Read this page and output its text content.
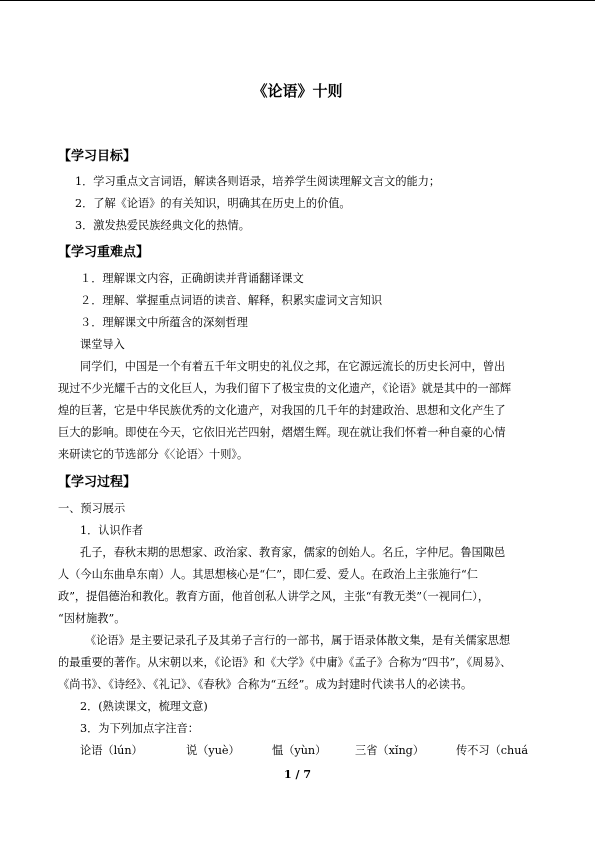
《论语》十则
【学习目标】
1．学习重点文言词语，解读各则语录，培养学生阅读理解文言文的能力；
2．了解《论语》的有关知识，明确其在历史上的价值。
3．激发热爱民族经典文化的热情。
【学习重难点】
１．理解课文内容，正确朗读并背诵翻译课文
２．理解、掌握重点词语的读音、解释，积累实虚词文言知识
３．理解课文中所蕴含的深刻哲理
课堂导入
同学们，中国是一个有着五千年文明史的礼仪之邦，在它源远流长的历史长河中，曾出
现过不少光耀千古的文化巨人，为我们留下了极宝贵的文化遗产，《论语》就是其中的一部辉
煌的巨著，它是中华民族优秀的文化遗产，对我国的几千年的封建政治、思想和文化产生了
巨大的影响。即使在今天，它依旧光芒四射，熠熠生辉。现在就让我们怀着一种自豪的心情
来研读它的节选部分《〈论语〉十则》。
【学习过程】
一、预习展示
1．认识作者
孔子，春秋末期的思想家、政治家、教育家，儒家的创始人。名丘，字仲尼。鲁国陬邑
人（今山东曲阜东南）人。其思想核心是“仁”，即仁爱、爱人。在政治上主张施行“仁
政”，提倡德治和教化。教育方面，他首创私人讲学之风，主张“有教无类”（一视同仁），
“因材施教”。
《论语》是主要记录孔子及其弟子言行的一部书，属于语录体散文集，是有关儒家思想
的最重要的著作。从宋朝以来，《论语》和《大学》《中庸》《孟子》合称为“四书”，《周易》、
《尚书》、《诗经》、《礼记》、《春秋》合称为“五经”。成为封建时代读书人的必读书。
2．(熟读课文，梳理文意)
3．为下列加点字注音：
论语（lún）	说（yuè）	愠（yùn）	三省（xǐng）	传不习（chuá
1 / 7
